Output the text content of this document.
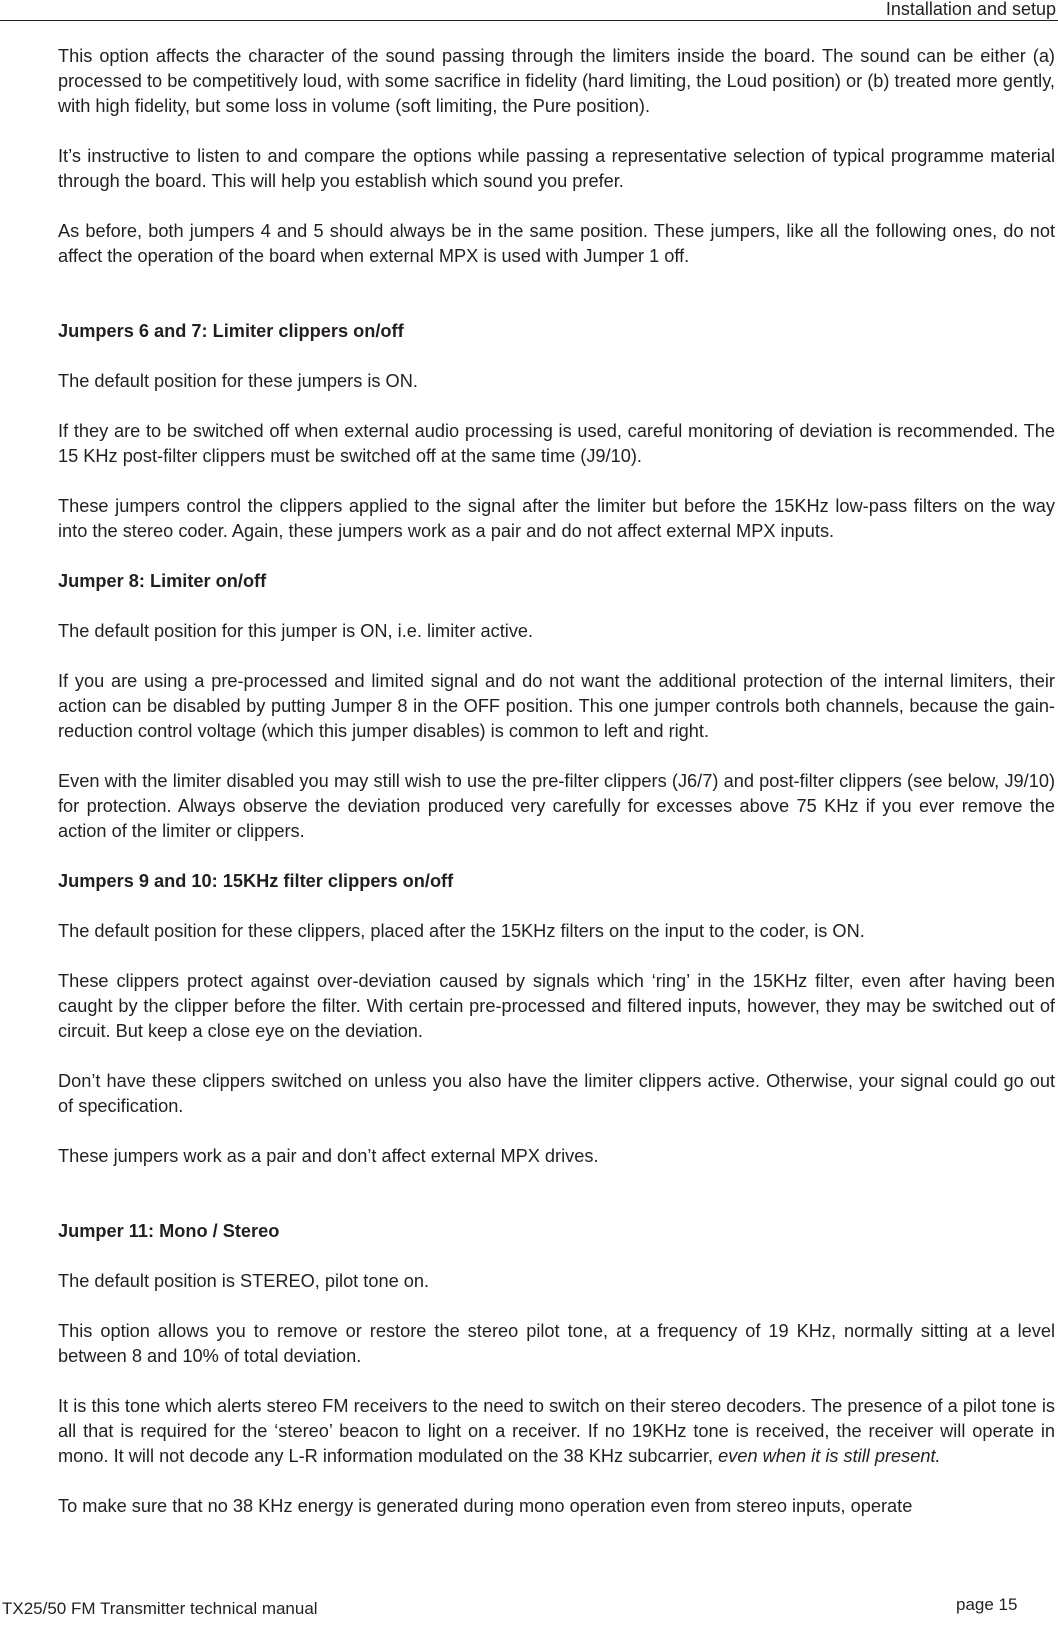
Installation and setup

This option affects the character of the sound passing through the limiters inside the board. The sound can be either (a) processed to be competitively loud, with some sacrifice in fidelity (hard limiting, the Loud position) or (b) treated more gently, with high fidelity, but some loss in volume (soft limiting, the Pure position).

It’s instructive to listen to and compare the options while passing a representative selection of typical programme material through the board. This will help you establish which sound you prefer.

As before, both jumpers 4 and 5 should always be in the same position. These jumpers, like all the following ones, do not affect the operation of the board when external MPX is used with Jumper 1 off.

Jumpers 6 and 7: Limiter clippers on/off

The default position for these jumpers is ON.

If they are to be switched off when external audio processing is used, careful monitoring of deviation is recommended. The 15 KHz post-filter clippers must be switched off at the same time (J9/10).

These jumpers control the clippers applied to the signal after the limiter but before the 15KHz low-pass filters on the way into the stereo coder. Again, these jumpers work as a pair and do not affect external MPX inputs.

Jumper 8: Limiter on/off

The default position for this jumper is ON, i.e. limiter active.

If you are using a pre-processed and limited signal and do not want the additional protection of the internal limiters, their action can be disabled by putting Jumper 8 in the OFF position. This one jumper controls both channels, because the gain-reduction control voltage (which this jumper disables) is common to left and right.

Even with the limiter disabled you may still wish to use the pre-filter clippers (J6/7) and post-filter clippers (see below, J9/10) for protection. Always observe the deviation produced very carefully for excesses above 75 KHz if you ever remove the action of the limiter or clippers.

Jumpers 9 and 10: 15KHz filter clippers on/off

The default position for these clippers, placed after the 15KHz filters on the input to the coder, is ON.

These clippers protect against over-deviation caused by signals which ‘ring’ in the 15KHz filter, even after having been caught by the clipper before the filter. With certain pre-processed and filtered inputs, however, they may be switched out of circuit. But keep a close eye on the deviation.

Don’t have these clippers switched on unless you also have the limiter clippers active. Otherwise, your signal could go out of specification.

These jumpers work as a pair and don’t affect external MPX drives.

Jumper 11: Mono / Stereo

The default position is STEREO, pilot tone on.

This option allows you to remove or restore the stereo pilot tone, at a frequency of 19 KHz, normally sitting at a level between 8 and 10% of total deviation.

It is this tone which alerts stereo FM receivers to the need to switch on their stereo decoders. The presence of a pilot tone is all that is required for the ‘stereo’ beacon to light on a receiver. If no 19KHz tone is received, the receiver will operate in mono. It will not decode any L-R information modulated on the 38 KHz subcarrier, even when it is still present.

To make sure that no 38 KHz energy is generated during mono operation even from stereo inputs, operate

TX25/50 FM Transmitter technical manual	page 15
